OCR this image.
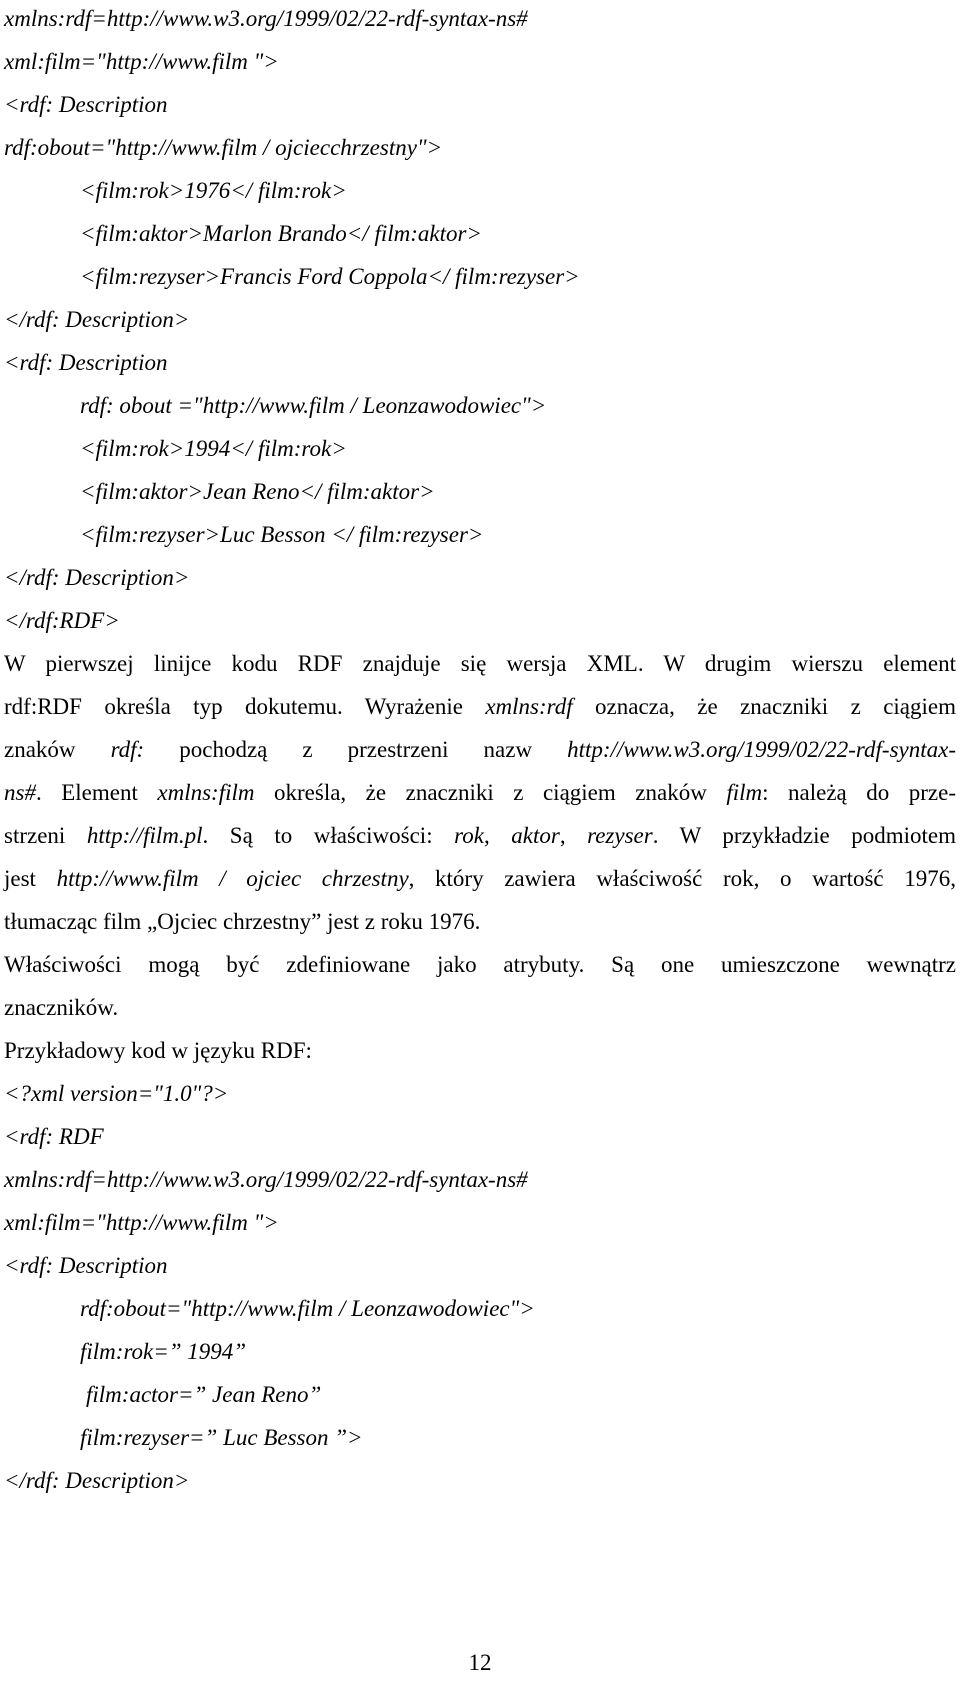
xmlns:rdf=http://www.w3.org/1999/02/22-rdf-syntax-ns#
xml:film="http://www.film ">
<rdf: Description
rdf:obout="http://www.film / ojciecchrzestny">
<film:rok>1976</ film:rok>
<film:aktor>Marlon Brando</ film:aktor>
<film:rezyser>Francis Ford Coppola</ film:rezyser>
</rdf: Description>
<rdf: Description
rdf: obout ="http://www.film / Leonzawodowiec">
<film:rok>1994</ film:rok>
<film:aktor>Jean Reno</ film:aktor>
<film:rezyser>Luc Besson </ film:rezyser>
</rdf: Description>
</rdf:RDF>
W pierwszej linijce kodu RDF znajduje się wersja XML. W drugim wierszu element
rdf:RDF określa typ dokutemu. Wyrażenie xmlns:rdf oznacza, że znaczniki z ciągiem
znaków rdf: pochodzą z przestrzeni nazw http://www.w3.org/1999/02/22-rdf-syntax-
ns#. Element xmlns:film określa, że znaczniki z ciągiem znaków film: należą do prze-
strzeni http://film.pl. Są to właściwości: rok, aktor, rezyser. W przykładzie podmiotem
jest http://www.film / ojciec chrzestny, który zawiera właściwość rok, o wartość 1976,
tłumacząc film „Ojciec chrzestny” jest z roku 1976.
Właściwości mogą być zdefiniowane jako atrybuty. Są one umieszczone wewnątrz
znaczników.
Przykładowy kod w języku RDF:
<?xml version="1.0"?>
<rdf: RDF
xmlns:rdf=http://www.w3.org/1999/02/22-rdf-syntax-ns#
xml:film="http://www.film ">
<rdf: Description
rdf:obout="http://www.film / Leonzawodowiec">
film:rok=” 1994”
film:actor=” Jean Reno”
film:rezyser=” Luc Besson ”>
</rdf: Description>
12
